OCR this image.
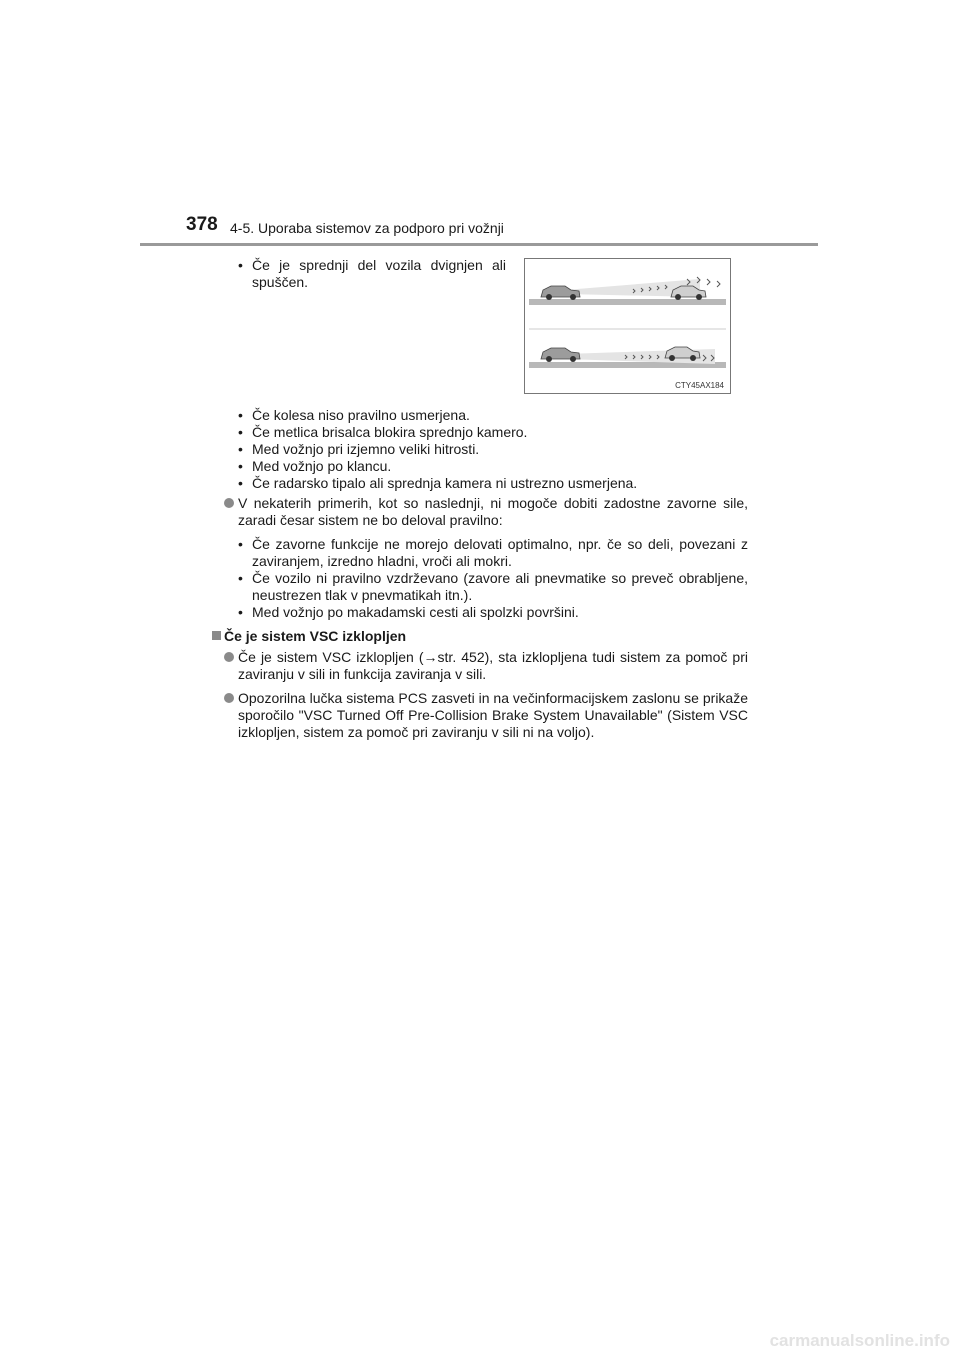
378 4-5. Uporaba sistemov za podporo pri vožnji
• Če je sprednji del vozila dvignjen ali spuščen.
CTY45AX184
• Če kolesa niso pravilno usmerjena.
• Če metlica brisalca blokira sprednjo kamero.
• Med vožnjo pri izjemno veliki hitrosti.
• Med vožnjo po klancu.
• Če radarsko tipalo ali sprednja kamera ni ustrezno usmerjena.
V nekaterih primerih, kot so naslednji, ni mogoče dobiti zadostne zavorne sile, zaradi česar sistem ne bo deloval pravilno:
• Če zavorne funkcije ne morejo delovati optimalno, npr. če so deli, povezani z zaviranjem, izredno hladni, vroči ali mokri.
• Če vozilo ni pravilno vzdrževano (zavore ali pnevmatike so preveč obrabljene, neustrezen tlak v pnevmatikah itn.).
• Med vožnjo po makadamski cesti ali spolzki površini.
Če je sistem VSC izklopljen
Če je sistem VSC izklopljen (→str. 452), sta izklopljena tudi sistem za pomoč pri zaviranju v sili in funkcija zaviranja v sili.
Opozorilna lučka sistema PCS zasveti in na večinformacijskem zaslonu se prikaže sporočilo "VSC Turned Off Pre-Collision Brake System Unavailable" (Sistem VSC izklopljen, sistem za pomoč pri zaviranju v sili ni na voljo).
carmanualsonline.info
